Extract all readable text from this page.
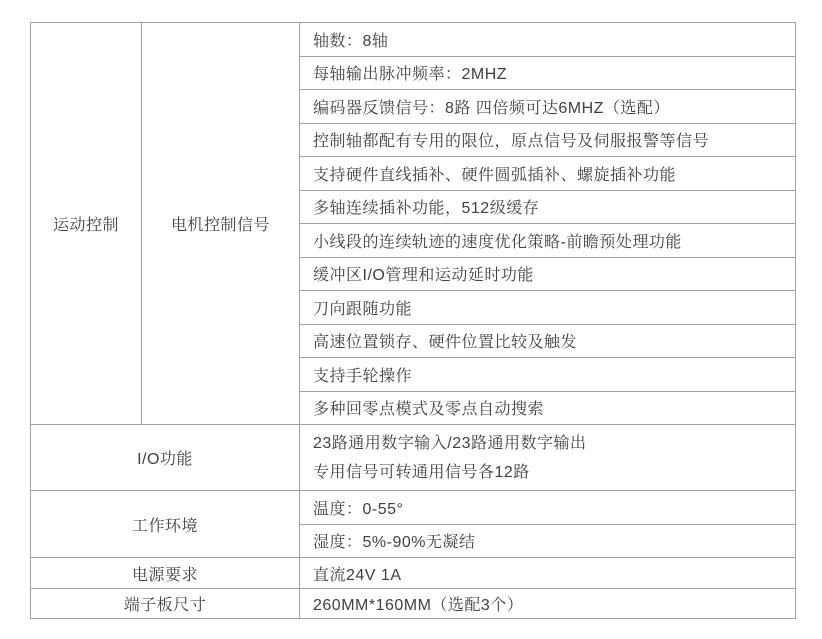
运动控制	电机控制信号	轴数：8轴
		每轴输出脉冲频率：2MHZ
		编码器反馈信号：8路 四倍频可达6MHZ（选配）
		控制轴都配有专用的限位，原点信号及伺服报警等信号
		支持硬件直线插补、硬件圆弧插补、螺旋插补功能
		多轴连续插补功能，512级缓存
		小线段的连续轨迹的速度优化策略-前瞻预处理功能
		缓冲区I/O管理和运动延时功能
		刀向跟随功能
		高速位置锁存、硬件位置比较及触发
		支持手轮操作
		多种回零点模式及零点自动搜索
I/O功能		23路通用数字输入/23路通用数字输出
专用信号可转通用信号各12路

工作环境		温度：0-55°
		湿度：5%-90%无凝结
电源要求		直流24V 1A
端子板尺寸		260MM*160MM（选配3个）
